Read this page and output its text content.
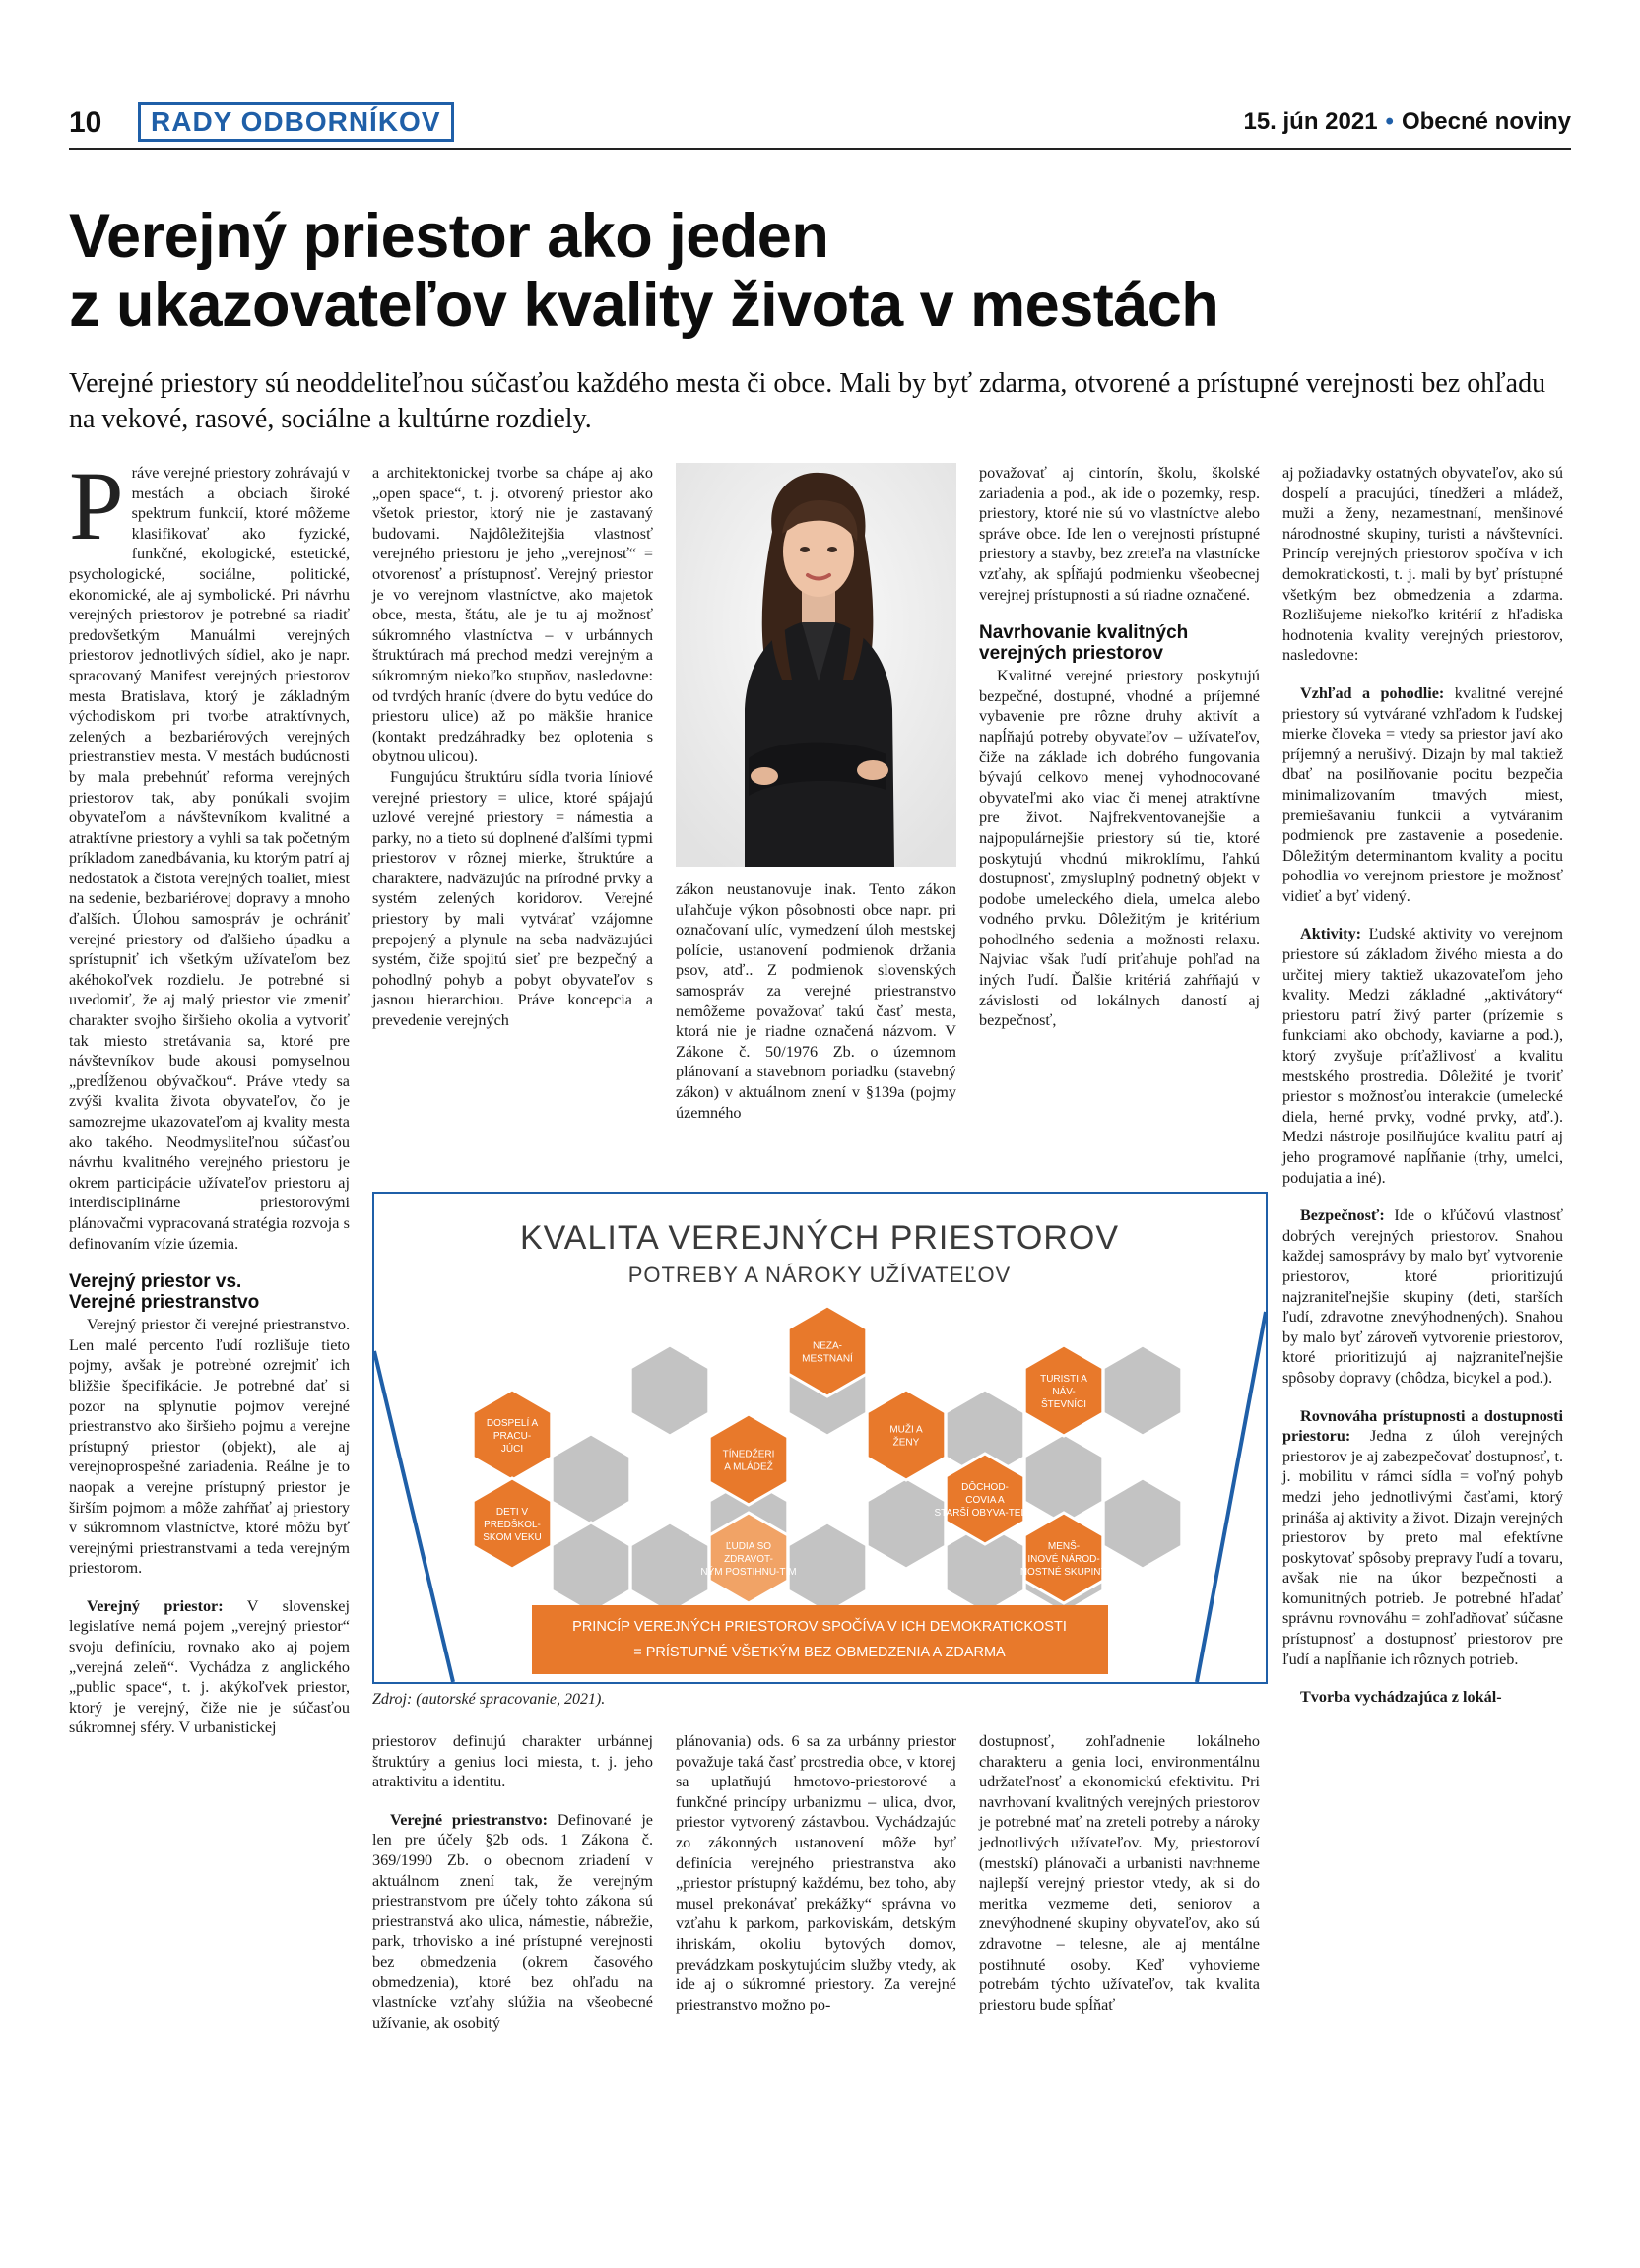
10	RADY ODBORNÍKOV	15. jún 2021 • Obecné noviny
Verejný priestor ako jeden
z ukazovateľov kvality života v mestách
Verejné priestory sú neoddeliteľnou súčasťou každého mesta či obce. Mali by byť zdarma, otvorené a prístupné verejnosti bez ohľadu na vekové, rasové, sociálne a kultúrne rozdiely.

Práve verejné priestory zohrávajú v mestách a obciach široké spektrum funkcií, ktoré môžeme klasifikovať ako fyzické, funkčné, ekologické, estetické, psychologické, sociálne, politické, ekonomické, ale aj symbolické. Pri návrhu verejných priestorov je potrebné sa riadiť predovšetkým Manuálmi verejných priestorov jednotlivých sídiel, ako je napr. spracovaný Manifest verejných priestorov mesta Bratislava, ktorý je základným východiskom pri tvorbe atraktívnych, zelených a bezbariérových verejných priestranstiev mesta. V mestách budúcnosti by mala prebehnúť reforma verejných priestorov tak, aby ponúkali svojim obyvateľom a návštevníkom kvalitné a atraktívne priestory a vyhli sa tak početným príkladom zanedbávania, ku ktorým patrí aj nedostatok a čistota verejných toaliet, miest na sedenie, bezbariérovej dopravy a mnoho ďalších. Úlohou samospráv je ochrániť verejné priestory od ďalšieho úpadku a sprístupniť ich všetkým užívateľom bez akéhokoľvek rozdielu. Je potrebné si uvedomiť, že aj malý priestor vie zmeniť charakter svojho širšieho okolia a vytvoriť tak miesto stretávania sa, ktoré pre návštevníkov bude akousi pomyselnou „predĺženou obývačkou“. Práve vtedy sa zvýši kvalita života obyvateľov, čo je samozrejme ukazovateľom aj kvality mesta ako takého. Neodmysliteľnou súčasťou návrhu kvalitného verejného priestoru je okrem participácie užívateľov priestoru aj interdisciplinárne priestorovými plánovačmi vypracovaná stratégia rozvoja s definovaním vízie územia.

Verejný priestor vs.
Verejné priestranstvo

Verejný priestor či verejné priestranstvo. Len malé percento ľudí rozlišuje tieto pojmy, avšak je potrebné ozrejmiť ich bližšie špecifikácie. Je potrebné dať si pozor na splynutie pojmov verejné priestranstvo ako širšieho pojmu a verejne prístupný priestor (objekt), ale aj verejnoprospešné zariadenia. Reálne je to naopak a verejne prístupný priestor je širším pojmom a môže zahŕňať aj priestory v súkromnom vlastníctve, ktoré môžu byť verejnými priestranstvami a teda verejným priestorom.

Verejný priestor: V slovenskej legislatíve nemá pojem „verejný priestor“ svoju definíciu, rovnako ako aj pojem „verejná zeleň“. Vychádza z anglického „public space“, t. j. akýkoľvek priestor, ktorý je verejný, čiže nie je súčasťou súkromnej sféry. V urbanistickej

a architektonickej tvorbe sa chápe aj ako „open space“, t. j. otvorený priestor ako všetok priestor, ktorý nie je zastavaný budovami. Najdôležitejšia vlastnosť verejného priestoru je jeho „verejnosť“ = otvorenosť a prístupnosť. Verejný priestor je vo verejnom vlastníctve, ako majetok obce, mesta, štátu, ale je tu aj možnosť súkromného vlastníctva – v urbánnych štruktúrach má prechod medzi verejným a súkromným niekoľko stupňov, nasledovne: od tvrdých hraníc (dvere do bytu vedúce do priestoru ulice) až po mäkšie hranice (kontakt predzáhradky bez oplotenia s obytnou ulicou).

Fungujúcu štruktúru sídla tvoria líniové verejné priestory = ulice, ktoré spájajú uzlové verejné priestory = námestia a parky, no a tieto sú doplnené ďalšími typmi priestorov v rôznej mierke, štruktúre a charaktere, nadväzujúc na prírodné prvky a systém zelených koridorov. Verejné priestory by mali vytvárať vzájomne prepojený a plynule na seba nadväzujúci systém, čiže spojitú sieť pre bezpečný a pohodlný pohyb a pobyt obyvateľov s jasnou hierarchiou. Práve koncepcia a prevedenie verejných

zákon neustanovuje inak. Tento zákon uľahčuje výkon pôsobnosti obce napr. pri označovaní ulíc, vymedzení úloh mestskej polície, ustanovení podmienok držania psov, atď.. Z podmienok slovenských samospráv za verejné priestranstvo nemôžeme považovať takú časť mesta, ktorá nie je riadne označená názvom. V Zákone č. 50/1976 Zb. o územnom plánovaní a stavebnom poriadku (stavebný zákon) v aktuálnom znení v §139a (pojmy územného

považovať aj cintorín, školu, školské zariadenia a pod., ak ide o pozemky, resp. priestory, ktoré nie sú vo vlastníctve alebo správe obce. Ide len o verejnosti prístupné priestory a stavby, bez zreteľa na vlastnícke vzťahy, ak spĺňajú podmienku všeobecnej verejnej prístupnosti a sú riadne označené.

Navrhovanie kvalitných
verejných priestorov

Kvalitné verejné priestory poskytujú bezpečné, dostupné, vhodné a príjemné vybavenie pre rôzne druhy aktivít a napĺňajú potreby obyvateľov – užívateľov, čiže na základe ich dobrého fungovania bývajú celkovo menej vyhodnocované obyvateľmi ako viac či menej atraktívne pre život. Najfrekventovanejšie a najpopulárnejšie priestory sú tie, ktoré poskytujú vhodnú mikroklímu, ľahkú dostupnosť, zmysluplný podnetný objekt v podobe umeleckého diela, umelca alebo vodného prvku. Dôležitým je kritérium pohodlného sedenia a možnosti relaxu. Najviac však ľudí priťahuje pohľad na iných ľudí. Ďalšie kritériá zahŕňajú v závislosti od lokálnych daností aj bezpečnosť,

aj požiadavky ostatných obyvateľov, ako sú dospelí a pracujúci, tínedžeri a mládež, muži a ženy, nezamestnaní, menšinové národnostné skupiny, turisti a návštevníci. Princíp verejných priestorov spočíva v ich demokratickosti, t. j. mali by byť prístupné všetkým bez obmedzenia a zdarma. Rozlišujeme niekoľko kritérií z hľadiska hodnotenia kvality verejných priestorov, nasledovne:

Vzhľad a pohodlie: kvalitné verejné priestory sú vytvárané vzhľadom k ľudskej mierke človeka = vtedy sa priestor javí ako príjemný a nerušivý. Dizajn by mal taktiež dbať na posilňovanie pocitu bezpečia minimalizovaním tmavých miest, premiešavaniu funkcií a vytváraním podmienok pre zastavenie a posedenie. Dôležitým determinantom kvality a pocitu pohodlia vo verejnom priestore je možnosť vidieť a byť videný.

Aktivity: Ľudské aktivity vo verejnom priestore sú základom živého miesta a do určitej miery taktiež ukazovateľom jeho kvality. Medzi základné „aktivátory“ priestoru patrí živý parter (prízemie s funkciami ako obchody, kaviarne a pod.), ktorý zvyšuje príťažlivosť a kvalitu mestského prostredia. Dôležité je tvoriť priestor s možnosťou interakcie (umelecké diela, herné prvky, vodné prvky, atď.). Medzi nástroje posilňujúce kvalitu patrí aj jeho programové napĺňanie (trhy, umelci, podujatia a iné).

Bezpečnosť: Ide o kľúčovú vlastnosť dobrých verejných priestorov. Snahou každej samosprávy by malo byť vytvorenie priestorov, ktoré prioritizujú najzraniteľnejšie skupiny (deti, starších ľudí, zdravotne znevýhodnených). Snahou by malo byť zároveň vytvorenie priestorov, ktoré prioritizujú aj najzraniteľnejšie spôsoby dopravy (chôdza, bicykel a pod.).

Rovnováha prístupnosti a dostupnosti priestoru: Jedna z úloh verejných priestorov je aj zabezpečovať dostupnosť, t. j. mobilitu v rámci sídla = voľný pohyb medzi jeho jednotlivými časťami, ktorý prináša aj aktivity a život. Dizajn verejných priestorov by preto mal efektívne poskytovať spôsoby prepravy ľudí a tovaru, avšak nie na úkor bezpečnosti a komunitných potrieb. Je potrebné hľadať správnu rovnováhu = zohľadňovať súčasne prístupnosť a dostupnosť priestorov pre ľudí a napĺňanie ich rôznych potrieb.

Tvorba vychádzajúca z lokál-

KVALITA VEREJNÝCH PRIESTOROV
POTREBY A NÁROKY UŽÍVATEĽOV
DOSPELÍ A
PRACU-
JÚCI
NEZA-
MESTNANÍ
TURISTI A
NÁV-
ŠTEVNÍCI
MUŽI A
ŽENY
TÍNEDŽERI
A MLÁDEŽ
DETI V
PREDŠKOL-
SKOM VEKU
DÔCHOD-
COVIA A
STARŠÍ OBYVA-TELIA
ĽUDIA SO
ZDRAVOT-
NÝM POSTIHNU-TÍM
MENŠ-
INOVÉ NÁROD-
NOSTNÉ SKUPINY
PRINCÍP VEREJNÝCH PRIESTOROV SPOČÍVA V ICH DEMOKRATICKOSTI
= PRÍSTUPNÉ VŠETKÝM BEZ OBMEDZENIA A ZDARMA
Zdroj: (autorské spracovanie, 2021).

priestorov definujú charakter urbánnej štruktúry a genius loci miesta, t. j. jeho atraktivitu a identitu.

Verejné priestranstvo: Definované je len pre účely §2b ods. 1 Zákona č. 369/1990 Zb. o obecnom zriadení v aktuálnom znení tak, že verejným priestranstvom pre účely tohto zákona sú priestranstvá ako ulica, námestie, nábrežie, park, trhovisko a iné prístupné verejnosti bez obmedzenia (okrem časového obmedzenia), ktoré bez ohľadu na vlastnícke vzťahy slúžia na všeobecné užívanie, ak osobitý

plánovania) ods. 6 sa za urbánny priestor považuje taká časť prostredia obce, v ktorej sa uplatňujú hmotovo-priestorové a funkčné princípy urbanizmu – ulica, dvor, priestor vytvorený zástavbou. Vychádzajúc zo zákonných ustanovení môže byť definícia verejného priestranstva ako „priestor prístupný každému, bez toho, aby musel prekonávať prekážky“ správna vo vzťahu k parkom, parkoviskám, detským ihriskám, okoliu bytových domov, prevádzkam poskytujúcim služby vtedy, ak ide aj o súkromné priestory. Za verejné priestranstvo možno po-

dostupnosť, zohľadnenie lokálneho charakteru a genia loci, environmentálnu udržateľnosť a ekonomickú efektivitu. Pri navrhovaní kvalitných verejných priestorov je potrebné mať na zreteli potreby a nároky jednotlivých užívateľov. My, priestoroví (mestskí) plánovači a urbanisti navrhneme najlepší verejný priestor vtedy, ak si do meritka vezmeme deti, seniorov a znevýhodnené skupiny obyvateľov, ako sú zdravotne – telesne, ale aj mentálne postihnuté osoby. Keď vyhovieme potrebám týchto užívateľov, tak kvalita priestoru bude spĺňať
